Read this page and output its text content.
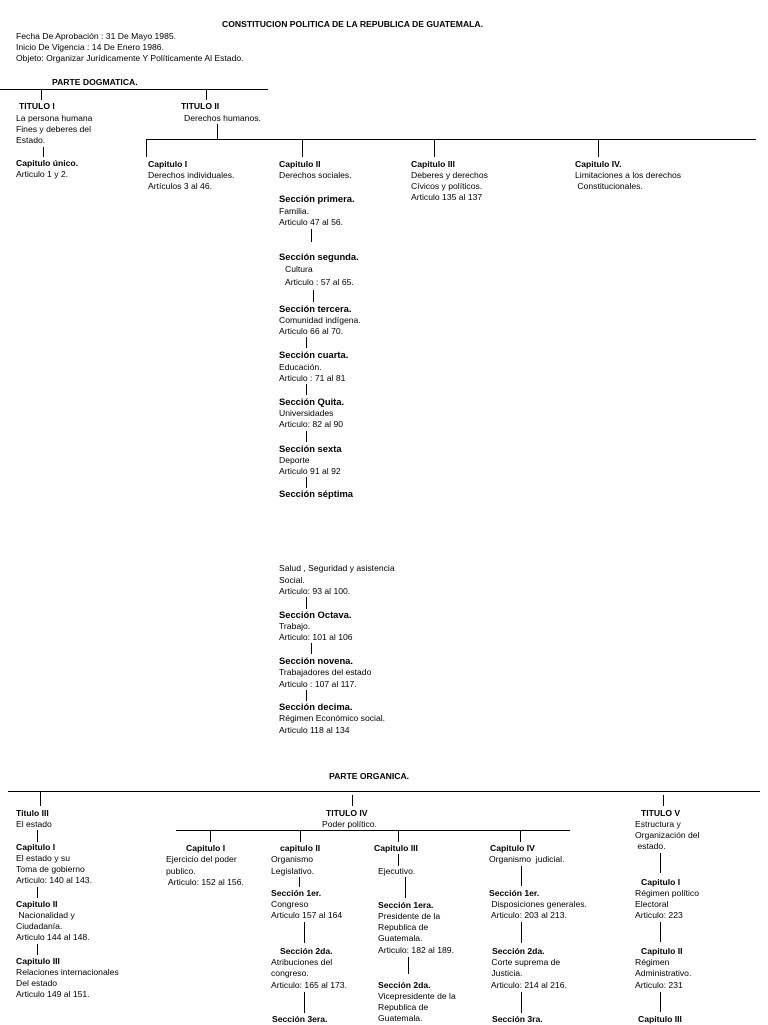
CONSTITUCION POLITICA DE LA REPUBLICA DE GUATEMALA.
Fecha De Aprobación : 31 De Mayo 1985.
Inicio De Vigencia : 14 De Enero 1986.
Objeto: Organizar Jurídicamente Y Políticamente Al Estado.
PARTE DOGMATICA.
TITULO I
La persona humana
Fines y deberes del
Estado.
Capitulo único.
Articulo 1 y 2.
TITULO II
Derechos humanos.
Capitulo I
Derechos individuales.
Artículos 3 al 46.
Capitulo II
Derechos sociales.
Sección primera.
Familia.
Articulo 47 al 56.
Sección segunda.
Cultura
Articulo : 57 al 65.
Sección tercera.
Comunidad indígena.
Articulo 66 al 70.
Sección cuarta.
Educación.
Articulo : 71 al 81
Sección Quita.
Universidades
Articulo: 82 al 90
Sección sexta
Deporte
Articulo 91 al 92
Sección séptima
Salud , Seguridad y asistencia
Social.
Articulo: 93 al 100.
Sección Octava.
Trabajo.
Articulo: 101 al 106
Sección novena.
Trabajadores del estado
Articulo : 107 al 117.
Sección decima.
Régimen Económico social.
Articulo 118 al 134
Capitulo III
Deberes y derechos
Cívicos y políticos.
Articulo 135 al 137
Capitulo IV.
Limitaciones a los derechos
Constitucionales.
PARTE ORGANICA.
Titulo III
El estado
Capitulo I
El estado y su
Toma de gobierno
Articulo: 140 al 143.
Capitulo II
Nacionalidad y
Ciudadanía.
Articulo 144 al 148.
Capitulo III
Relaciones internacionales
Del estado
Articulo 149 al 151.
TITULO IV
Poder político.
Capitulo I
Ejercicio del poder
publico.
Articulo: 152 al 156.
capitulo II
Organismo
Legislativo.
Sección 1er.
Congreso
Articulo 157 al 164
Sección 2da.
Atribuciones del
congreso.
Articulo: 165 al 173.
Sección 3era.
Capitulo III
Ejecutivo.
Sección 1era.
Presidente de la
Republica de
Guatemala.
Articulo: 182 al 189.
Sección 2da.
Vicepresidente de la
Republica de
Guatemala.
Capitulo IV
Organismo  judicial.
Sección 1er.
Disposiciones generales.
Articulo: 203 al 213.
Sección 2da.
Corte suprema de
Justicia.
Articulo: 214 al 216.
Sección 3ra.
TITULO V
Estructura y
Organización del
estado.
Capitulo I
Régimen político
Electoral
Articulo: 223
Capitulo II
Régimen
Administrativo.
Articulo: 231
Capitulo III
